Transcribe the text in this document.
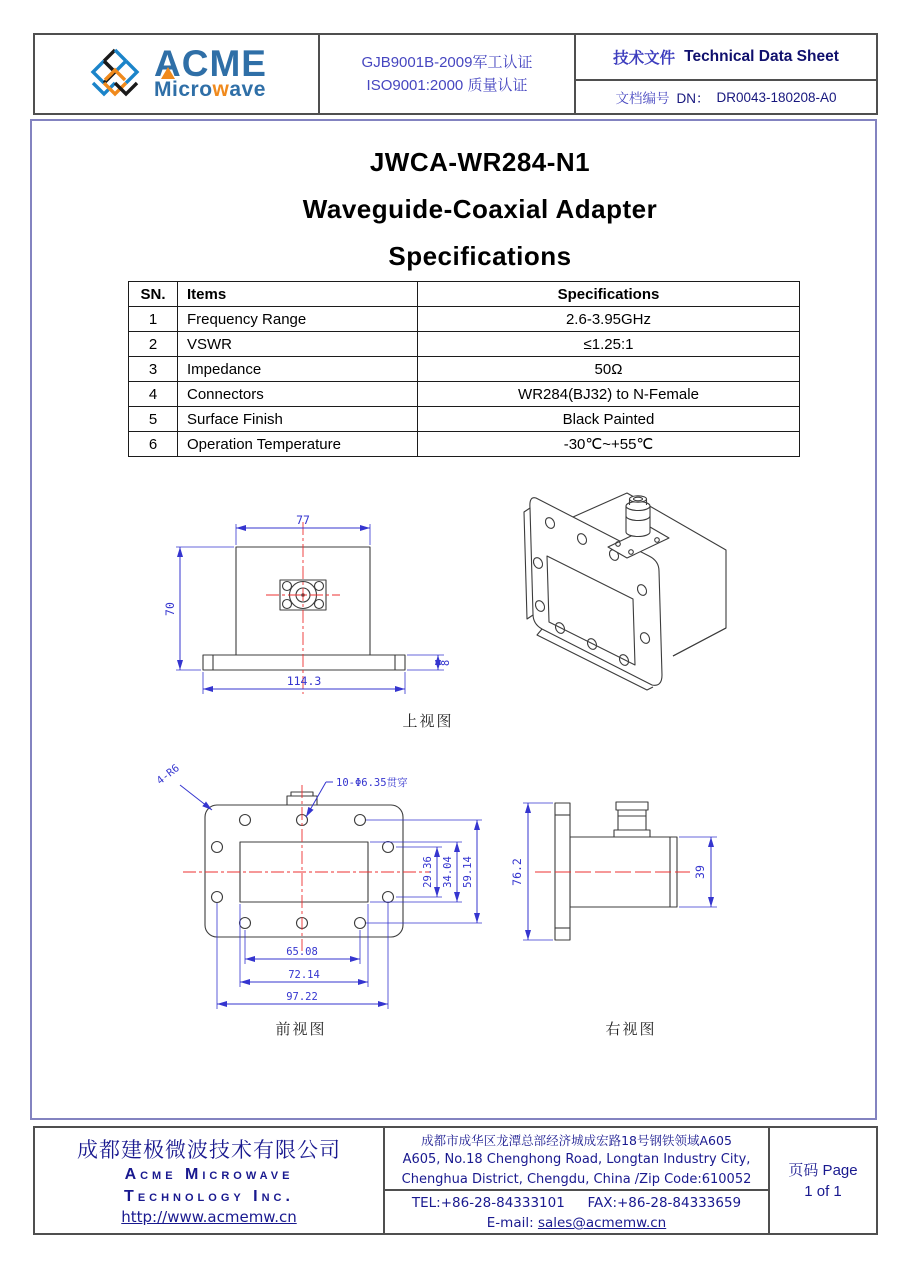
ACME
Microwave
GJB9001B-2009军工认证
ISO9001:2000 质量认证
技术文件 Technical Data Sheet
文档编号 DN： DR0043-180208-A0
JWCA-WR284-N1
Waveguide-Coaxial Adapter
Specifications
SN.	Items	Specifications
1	Frequency Range	2.6-3.95GHz
2	VSWR	≤1.25:1
3	Impedance	50Ω
4	Connectors	WR284(BJ32) to N-Female
5	Surface Finish	Black Painted
6	Operation Temperature	-30℃~+55℃
77
70
8
114.3
上视图
4-R6	10-Φ6.35贯穿
29.36 34.04 59.14
65.08
72.14
97.22
前视图
76.2	39
右视图
成都建极微波技术有限公司
Acme Microwave
Technology Inc.
http://www.acmemw.cn
成都市成华区龙潭总部经济城成宏路18号钢铁领域A605
A605, No.18 Chenghong Road, Longtan Industry City,
Chenghua District, Chengdu, China /Zip Code:610052
TEL:+86-28-84333101 FAX:+86-28-84333659
E-mail: sales@acmemw.cn
页码 Page
1 of 1
